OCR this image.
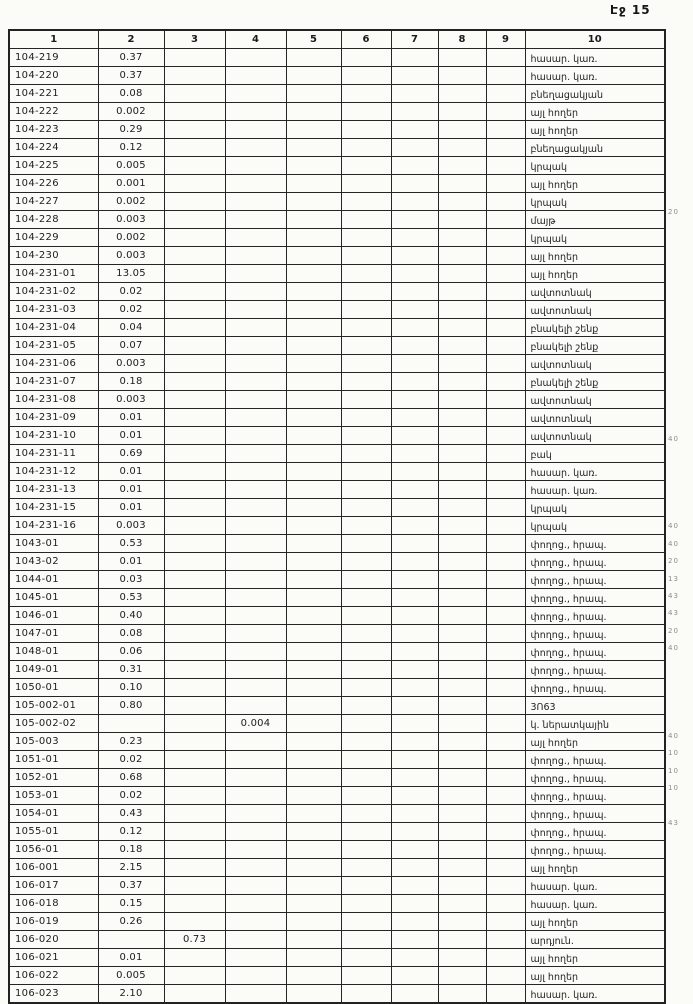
Էջ 15
1	2	3	4	5	6	7	8	9	10
104-219	0.37								հասար. կառ.
104-220	0.37								հասար. կառ.
104-221	0.08								բնեղացակյան
104-222	0.002								այլ հողեր
104-223	0.29								այլ հողեր
104-224	0.12								բնեղացակյան
104-225	0.005								կրպակ
104-226	0.001								այլ հողեր
104-227	0.002								կրպակ
104-228	0.003								մայթ
104-229	0.002								կրպակ
104-230	0.003								այլ հողեր
104-231-01	13.05								այլ հողեր
104-231-02	0.02								ավտոտնակ
104-231-03	0.02								ավտոտնակ
104-231-04	0.04								բնակելի շենք
104-231-05	0.07								բնակելի շենք
104-231-06	0.003								ավտոտնակ
104-231-07	0.18								բնակելի շենք
104-231-08	0.003								ավտոտնակ
104-231-09	0.01								ավտոտնակ
104-231-10	0.01								ավտոտնակ
104-231-11	0.69								բակ
104-231-12	0.01								հասար. կառ.
104-231-13	0.01								հասար. կառ.
104-231-15	0.01								կրպակ
104-231-16	0.003								կրպակ
1043-01	0.53								փողոց., հրապ.
1043-02	0.01								փողոց., հրապ.
1044-01	0.03								փողոց., հրապ.
1045-01	0.53								փողոց., հրապ.
1046-01	0.40								փողոց., հրապ.
1047-01	0.08								փողոց., հրապ.
1048-01	0.06								փողոց., հրապ.
1049-01	0.31								փողոց., հրապ.
1050-01	0.10								փողոց., հրապ.
105-002-01	0.80								3Ո63
105-002-02			0.004						կ. ներատկային
105-003	0.23								այլ հողեր
1051-01	0.02								փողոց., հրապ.
1052-01	0.68								փողոց., հրապ.
1053-01	0.02								փողոց., հրապ.
1054-01	0.43								փողոց., հրապ.
1055-01	0.12								փողոց., հրապ.
1056-01	0.18								փողոց., հրապ.
106-001	2.15								այլ հողեր
106-017	0.37								հասար. կառ.
106-018	0.15								հասար. կառ.
106-019	0.26								այլ հողեր
106-020		0.73							արդյուն.
106-021	0.01								այլ հողեր
106-022	0.005								այլ հողեր
106-023	2.10								հասար. կառ.
20
40
40
40
20
13
43
43
20
40
40
10
10
10
43
